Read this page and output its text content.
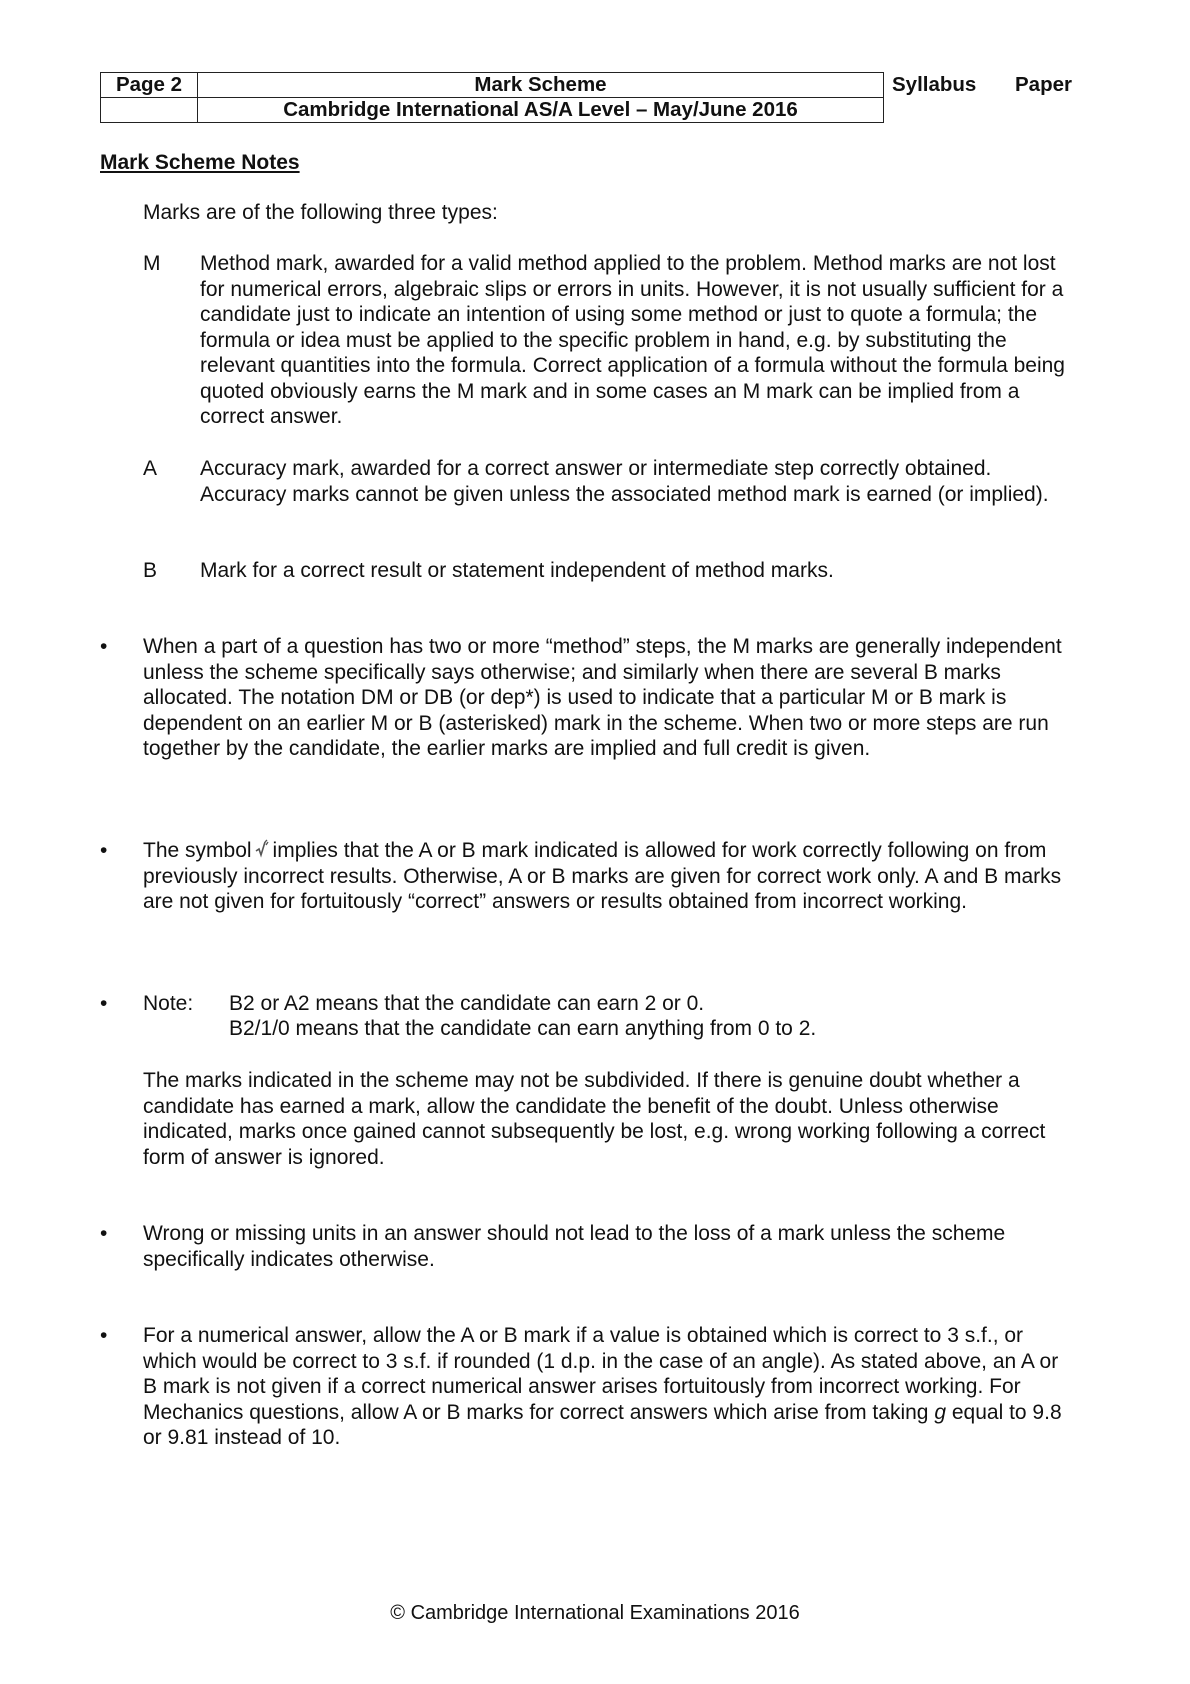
Page 2	Mark Scheme
	Cambridge International AS/A Level – May/June 2016
Syllabus Paper
Mark Scheme Notes
Marks are of the following three types:
M Method mark, awarded for a valid method applied to the problem. Method marks are not lost for numerical errors, algebraic slips or errors in units. However, it is not usually sufficient for a candidate just to indicate an intention of using some method or just to quote a formula; the formula or idea must be applied to the specific problem in hand, e.g. by substituting the relevant quantities into the formula. Correct application of a formula without the formula being quoted obviously earns the M mark and in some cases an M mark can be implied from a correct answer.
A Accuracy mark, awarded for a correct answer or intermediate step correctly obtained. Accuracy marks cannot be given unless the associated method mark is earned (or implied).
B Mark for a correct result or statement independent of method marks.
• When a part of a question has two or more “method” steps, the M marks are generally independent unless the scheme specifically says otherwise; and similarly when there are several B marks allocated. The notation DM or DB (or dep*) is used to indicate that a particular M or B mark is dependent on an earlier M or B (asterisked) mark in the scheme. When two or more steps are run together by the candidate, the earlier marks are implied and full credit is given.
• The symbol implies that the A or B mark indicated is allowed for work correctly following on from previously incorrect results. Otherwise, A or B marks are given for correct work only. A and B marks are not given for fortuitously “correct” answers or results obtained from incorrect working.
• Note: B2 or A2 means that the candidate can earn 2 or 0.
B2/1/0 means that the candidate can earn anything from 0 to 2.
The marks indicated in the scheme may not be subdivided. If there is genuine doubt whether a candidate has earned a mark, allow the candidate the benefit of the doubt. Unless otherwise indicated, marks once gained cannot subsequently be lost, e.g. wrong working following a correct form of answer is ignored.
• Wrong or missing units in an answer should not lead to the loss of a mark unless the scheme specifically indicates otherwise.
• For a numerical answer, allow the A or B mark if a value is obtained which is correct to 3 s.f., or which would be correct to 3 s.f. if rounded (1 d.p. in the case of an angle). As stated above, an A or B mark is not given if a correct numerical answer arises fortuitously from incorrect working. For Mechanics questions, allow A or B marks for correct answers which arise from taking g equal to 9.8 or 9.81 instead of 10.
© Cambridge International Examinations 2016
